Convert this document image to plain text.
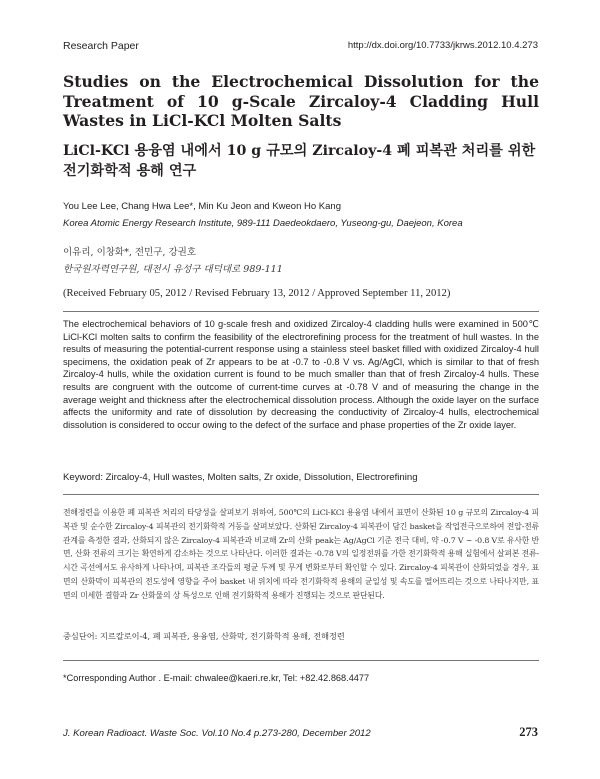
Research Paper	http://dx.doi.org/10.7733/jkrws.2012.10.4.273
Studies on the Electrochemical Dissolution for the Treatment of 10 g-Scale Zircaloy-4 Cladding Hull Wastes in LiCl-KCl Molten Salts
LiCl-KCl 용융염 내에서 10 g 규모의 Zircaloy-4 폐 피복관 처리를 위한 전기화학적 용해 연구
You Lee Lee, Chang Hwa Lee*, Min Ku Jeon and Kweon Ho Kang
Korea Atomic Energy Research Institute, 989-111 Daedeokdaero, Yuseong-gu, Daejeon, Korea
이유리, 이창화*, 전민구, 강권호
한국원자력연구원, 대전시 유성구 대덕대로 989-111
(Received February 05, 2012 / Revised February 13, 2012 / Approved September 11, 2012)

The electrochemical behaviors of 10 g-scale fresh and oxidized Zircaloy-4 cladding hulls were examined in 500℃ LiCl-KCl molten salts to confirm the feasibility of the electrorefining process for the treatment of hull wastes. In the results of measuring the potential-current response using a stainless steel basket filled with oxidized Zircaloy-4 hull specimens, the oxidation peak of Zr appears to be at -0.7 to -0.8 V vs. Ag/AgCl, which is similar to that of fresh Zircaloy-4 hulls, while the oxidation current is found to be much smaller than that of fresh Zircaloy-4 hulls. These results are congruent with the outcome of current-time curves at -0.78 V and of measuring the change in the average weight and thickness after the electrochemical dissolution process. Although the oxide layer on the surface affects the uniformity and rate of dissolution by decreasing the conductivity of Zircaloy-4 hulls, electrochemical dissolution is considered to occur owing to the defect of the surface and phase properties of the Zr oxide layer.

Keyword: Zircaloy-4, Hull wastes, Molten salts, Zr oxide, Dissolution, Electrorefining

전해정련을 이용한 폐 피복관 처리의 타당성을 살펴보기 위하여, 500℃의 LiCl-KCl 용융염 내에서 표면이 산화된 10 g 규모의 Zircaloy-4 피복관 및 순수한 Zircaloy-4 피복관의 전기화학적 거동을 살펴보았다. 산화된 Zircaloy-4 피복관이 담긴 basket을 작업전극으로하여 전압-전류 관계를 측정한 결과, 산화되지 않은 Zircaloy-4 피복관과 비교해 Zr의 산화 peak는 Ag/AgCl 기준 전극 대비, 약 -0.7 V ~ -0.8 V로 유사한 반면, 산화 전류의 크기는 확연하게 감소하는 것으로 나타난다. 이러한 결과는 -0.78 V의 일정전위를 가한 전기화학적 용해 실험에서 살펴본 전류-시간 곡선에서도 유사하게 나타나며, 피복관 조각들의 평균 두께 및 무게 변화로부터 확인할 수 있다. Zircaloy-4 피복관이 산화되었을 경우, 표면의 산화막이 피복관의 전도성에 영향을 주어 basket 내 위치에 따라 전기화학적 용해의 균일성 및 속도를 떨어뜨리는 것으로 나타나지만, 표면의 미세한 결함과 Zr 산화물의 상 특성으로 인해 전기화학적 용해가 진행되는 것으로 판단된다.

중심단어: 지르칼로이-4, 폐 피복관, 용융염, 산화막, 전기화학적 용해, 전해정련
*Corresponding Author . E-mail: chwalee@kaeri.re.kr, Tel: +82.42.868.4477
J. Korean Radioact. Waste Soc. Vol.10 No.4 p.273-280, December 2012	273
